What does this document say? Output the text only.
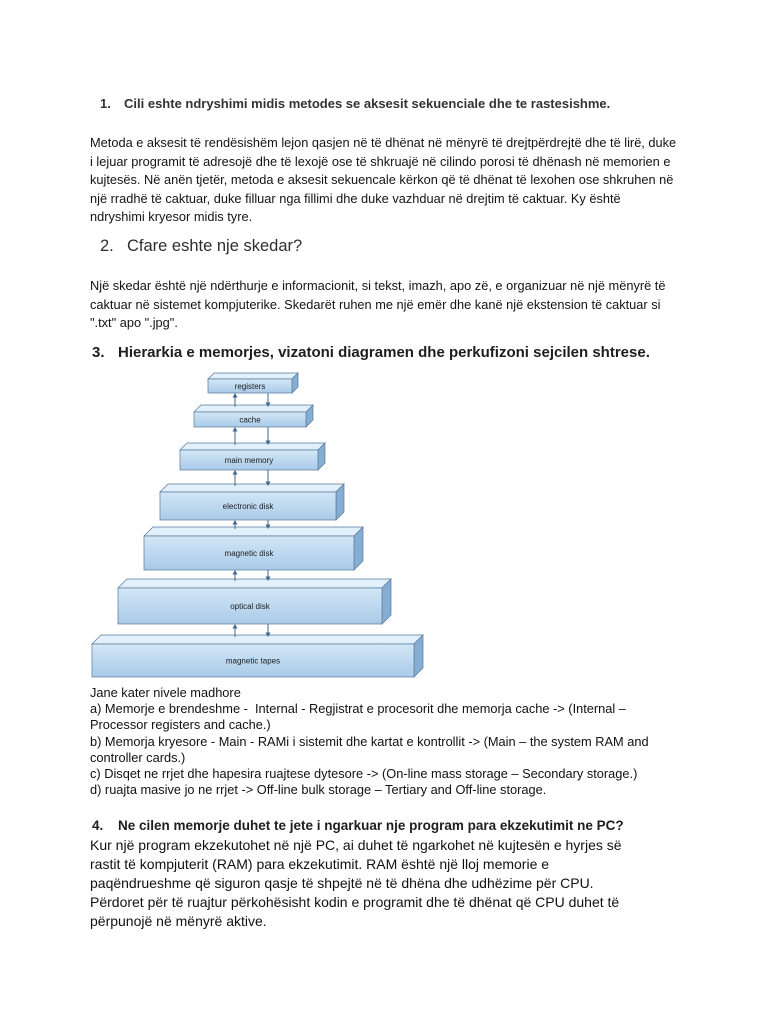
1.

Cili eshte ndryshimi midis metodes se aksesit sekuenciale dhe te rastesishme.

Metoda e aksesit të rendësishëm lejon qasjen në të dhënat në mënyrë të drejtpërdrejtë dhe të lirë, duke
i lejuar programit të adresojë dhe të lexojë ose të shkruajë në cilindo porosi të dhënash në memorien e
kujtesës. Në anën tjetër, metoda e aksesit sekuencale kërkon që të dhënat të lexohen ose shkruhen në
një rradhë të caktuar, duke filluar nga fillimi dhe duke vazhduar në drejtim të caktuar. Ky është
ndryshimi kryesor midis tyre.

2.

Cfare eshte nje skedar?

Një skedar është një ndërthurje e informacionit, si tekst, imazh, apo zë, e organizuar në një mënyrë të
caktuar në sistemet kompjuterike. Skedarët ruhen me një emër dhe kanë një ekstension të caktuar si
".txt" apo ".jpg".

3.

Hierarkia e memorjes, vizatoni diagramen dhe perkufizoni sejcilen shtrese.

registers
cache
main memory
electronic disk
magnetic disk
optical disk
magnetic tapes
Jane kater nivele madhore
a) Memorje e brendeshme -  Internal - Regjistrat e procesorit dhe memorja cache -> (Internal –
Processor registers and cache.)
b) Memorja kryesore - Main - RAMi i sistemit dhe kartat e kontrollit -> (Main – the system RAM and
controller cards.)
c) Disqet ne rrjet dhe hapesira ruajtese dytesore -> (On-line mass storage – Secondary storage.)
d) ruajta masive jo ne rrjet -> Off-line bulk storage – Tertiary and Off-line storage.

4.

Ne cilen memorje duhet te jete i ngarkuar nje program para ekzekutimit ne PC?

Kur një program ekzekutohet në një PC, ai duhet të ngarkohet në kujtesën e hyrjes së
rastit të kompjuterit (RAM) para ekzekutimit. RAM është një lloj memorie e
paqëndrueshme që siguron qasje të shpejtë në të dhëna dhe udhëzime për CPU.
Përdoret për të ruajtur përkohësisht kodin e programit dhe të dhënat që CPU duhet të
përpunojë në mënyrë aktive.
